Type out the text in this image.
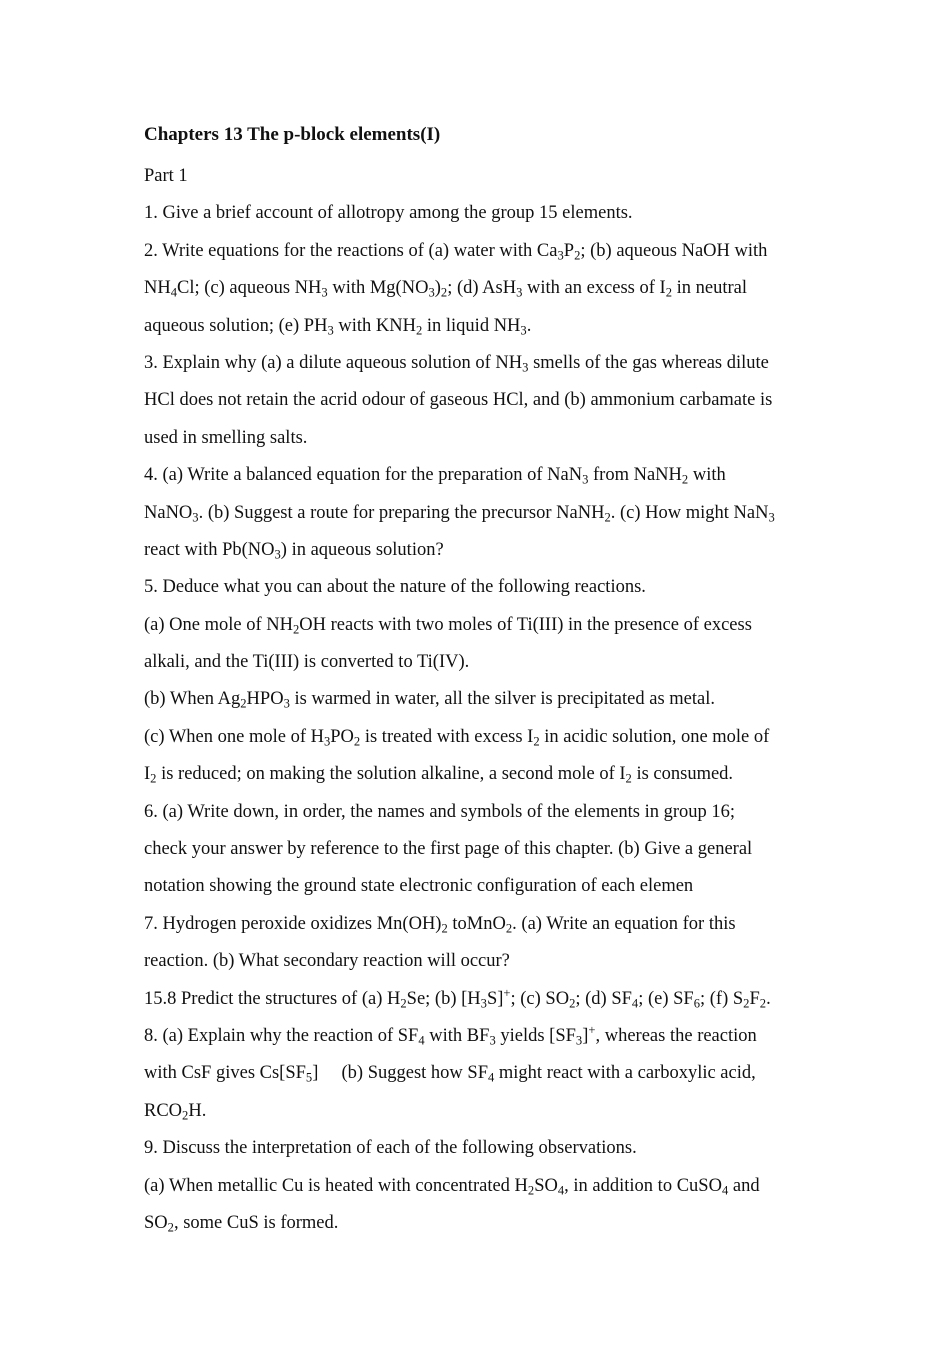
Chapters 13 The p-block elements(I)
Part 1
1. Give a brief account of allotropy among the group 15 elements.
2. Write equations for the reactions of (a) water with $Ca_3P_2$; (b) aqueous NaOH with
$NH_4Cl$; (c) aqueous $NH_3$ with $Mg(NO_3)_2$; (d) AsH$_3$ with an excess of $I_2$ in neutral
aqueous solution; (e) $PH_3$ with $KNH_2$ in liquid $NH_3$.
3. Explain why (a) a dilute aqueous solution of $NH_3$ smells of the gas whereas dilute
HCl does not retain the acrid odour of gaseous HCl, and (b) ammonium carbamate is
used in smelling salts.
4. (a) Write a balanced equation for the preparation of NaN$_3$ from NaNH$_2$ with
NaNO$_3$. (b) Suggest a route for preparing the precursor NaNH$_2$. (c) How might NaN$_3$
react with $Pb(NO_3)$ in aqueous solution?
5. Deduce what you can about the nature of the following reactions.
(a) One mole of $NH_2OH$ reacts with two moles of Ti(III) in the presence of excess
alkali, and the Ti(III) is converted to Ti(IV).
(b) When $Ag_2HPO_3$ is warmed in water, all the silver is precipitated as metal.
(c) When one mole of $H_3PO_2$ is treated with excess $I_2$ in acidic solution, one mole of
$I_2$ is reduced; on making the solution alkaline, a second mole of $I_2$ is consumed.
6. (a) Write down, in order, the names and symbols of the elements in group 16;
check your answer by reference to the first page of this chapter. (b) Give a general
notation showing the ground state electronic configuration of each elemen
7. Hydrogen peroxide oxidizes $Mn(OH)_2$ toMnO$_2$. (a) Write an equation for this
reaction. (b) What secondary reaction will occur?
15.8 Predict the structures of (a) $H_2Se$; (b) $[H_3S]^+$; (c) $SO_2$; (d) $SF_4$; (e) $SF_6$; (f) $S_2F_2$.
8. (a) Explain why the reaction of $SF_4$ with $BF_3$ yields $[SF_3]^+$, whereas the reaction
with CsF gives $Cs[SF_5]$  (b) Suggest how $SF_4$ might react with a carboxylic acid,
$RCO_2H$.
9. Discuss the interpretation of each of the following observations.
(a) When metallic Cu is heated with concentrated $H_2SO_4$, in addition to CuSO$_4$ and
$SO_2$, some CuS is formed.
